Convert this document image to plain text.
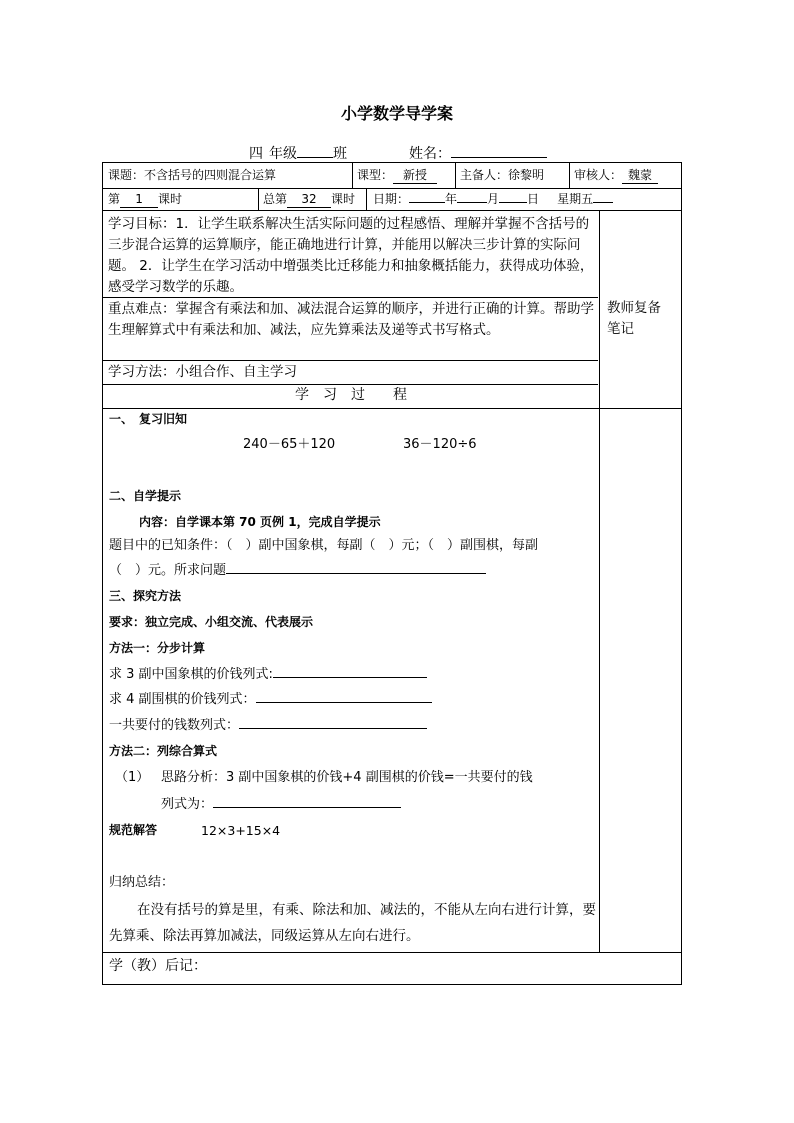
小学数学导学案
四 年级	班	姓名：
课题：不含括号的四则混合运算	课型： 新授	主备人：徐黎明 审核人： 魏蒙
第 1 课时	总第 32 课时 日期：	年	月 日 星期五
学习目标：1．让学生联系解决生活实际问题的过程感悟、理解并掌握不含括号的三步混合运算的运算顺序，能正确地进行计算，并能用以解决三步计算的实际问题。 2．让学生在学习活动中增强类比迁移能力和抽象概括能力，获得成功体验，感受学习数学的乐趣。
重点难点：掌握含有乘法和加、减法混合运算的顺序，并进行正确的计算。帮助学生理解算式中有乘法和加、减法，应先算乘法及递等式书写格式。
学习方法：小组合作、自主学习
教师复备笔记
学　习　过　　程
一、　复习旧知
240－65＋120	36－120÷6
二、自学提示
内容：自学课本第 70 页例 1，完成自学提示
题目中的已知条件：（　）副中国象棋，每副（　）元；（　）副围棋，每副
（　）元。所求问题
三、探究方法
要求：独立完成、小组交流、代表展示
方法一：分步计算
求 3 副中国象棋的价钱列式:
求 4 副围棋的价钱列式：
一共要付的钱数列式：
方法二：列综合算式
（1） 思路分析：3 副中国象棋的价钱+4 副围棋的价钱=一共要付的钱
列式为：
规范解答	12×3+15×4
归纳总结：
在没有括号的算是里，有乘、除法和加、减法的，不能从左向右进行计算，要先算乘、除法再算加减法，同级运算从左向右进行。
学（教）后记：
